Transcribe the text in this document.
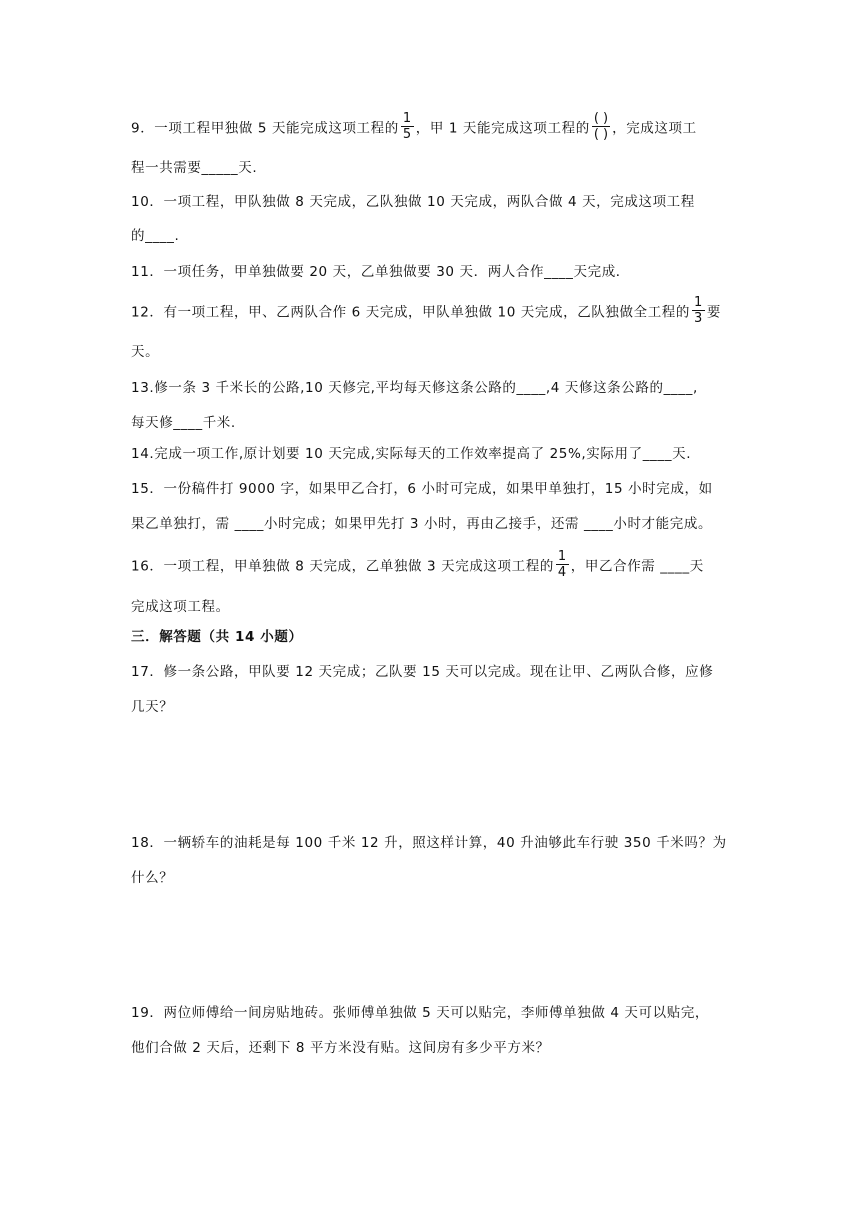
9．一项工程甲独做 5 天能完成这项工程的 $\frac{1}{5}$ ，甲 1 天能完成这项工程的 $\frac{( )}{( )}$ ，完成这项工
程一共需要_____天.
10．一项工程，甲队独做 8 天完成，乙队独做 10 天完成，两队合做 4 天，完成这项工程
的____.
11．一项任务，甲单独做要 20 天，乙单独做要 30 天．两人合作____天完成．
12．有一项工程，甲、乙两队合作 6 天完成，甲队单独做 10 天完成，乙队独做全工程的 $\frac{1}{3}$ 要
天。
13.修一条 3 千米长的公路,10 天修完,平均每天修这条公路的____,4 天修这条公路的____,
每天修____千米.
14.完成一项工作,原计划要 10 天完成,实际每天的工作效率提高了 25%,实际用了____天.
15．一份稿件打 9000 字，如果甲乙合打，6 小时可完成，如果甲单独打，15 小时完成，如
果乙单独打，需 ____小时完成；如果甲先打 3 小时，再由乙接手，还需 ____小时才能完成。
16．一项工程，甲单独做 8 天完成，乙单独做 3 天完成这项工程的 $\frac{1}{4}$ ，甲乙合作需 ____天
完成这项工程。
三．解答题（共 14 小题）
17．修一条公路，甲队要 12 天完成；乙队要 15 天可以完成。现在让甲、乙两队合修，应修
几天？
18．一辆轿车的油耗是每 100 千米 12 升，照这样计算，40 升油够此车行驶 350 千米吗？为
什么？
19．两位师傅给一间房贴地砖。张师傅单独做 5 天可以贴完，李师傅单独做 4 天可以贴完，
他们合做 2 天后，还剩下 8 平方米没有贴。这间房有多少平方米？
